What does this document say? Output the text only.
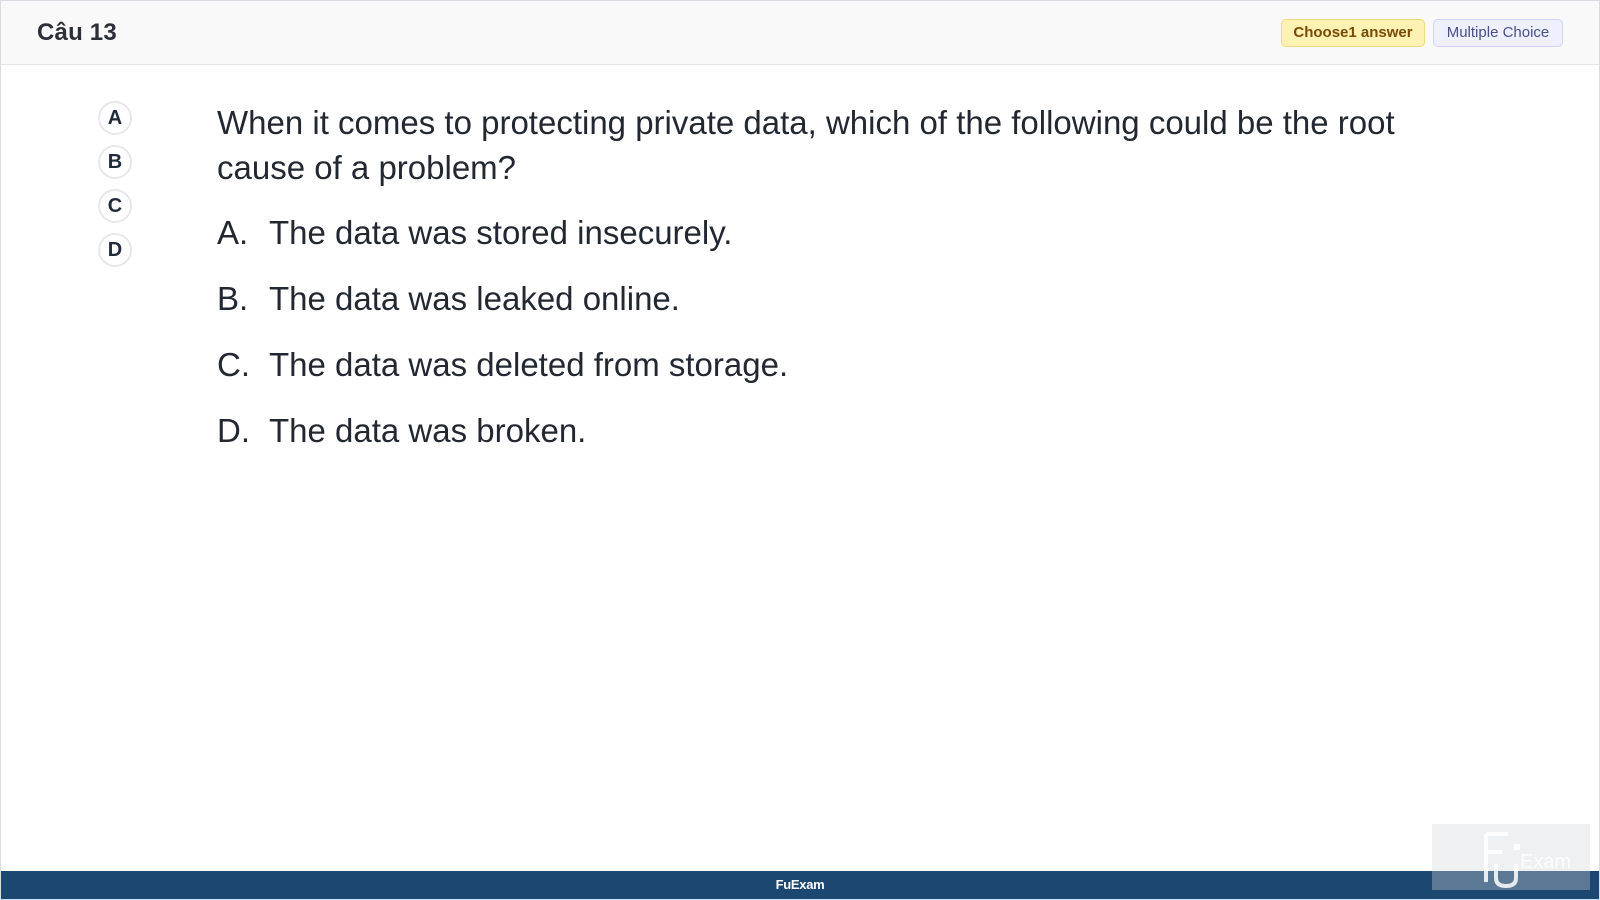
Câu 13	Choose1 answer	Multiple Choice
A
B
C
D
When it comes to protecting private data, which of the following could be the root cause of a problem?
A. The data was stored insecurely.
B. The data was leaked online.
C. The data was deleted from storage.
D. The data was broken.
FuExam
Exam
